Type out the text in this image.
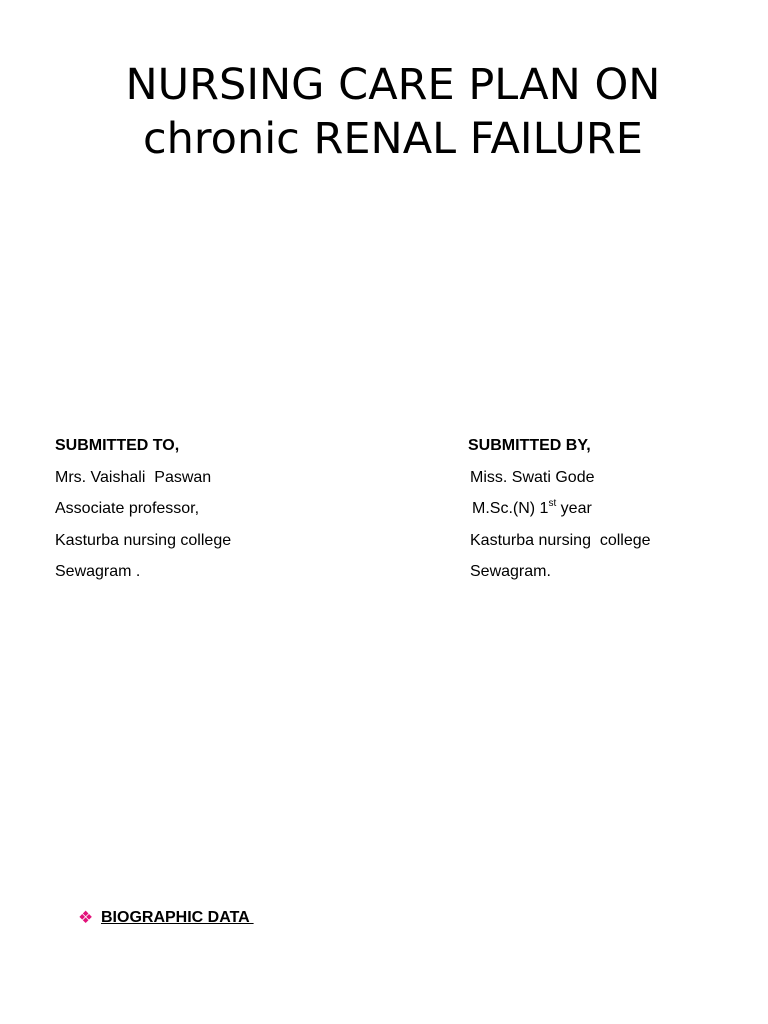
NURSING CARE PLAN ON
chronic RENAL FAILURE
SUBMITTED TO,
Mrs. Vaishali  Paswan
Associate professor,
Kasturba nursing college
Sewagram .
SUBMITTED BY,
Miss. Swati Gode
M.Sc.(N) 1st year
Kasturba nursing  college
Sewagram.
❖ BIOGRAPHIC DATA
